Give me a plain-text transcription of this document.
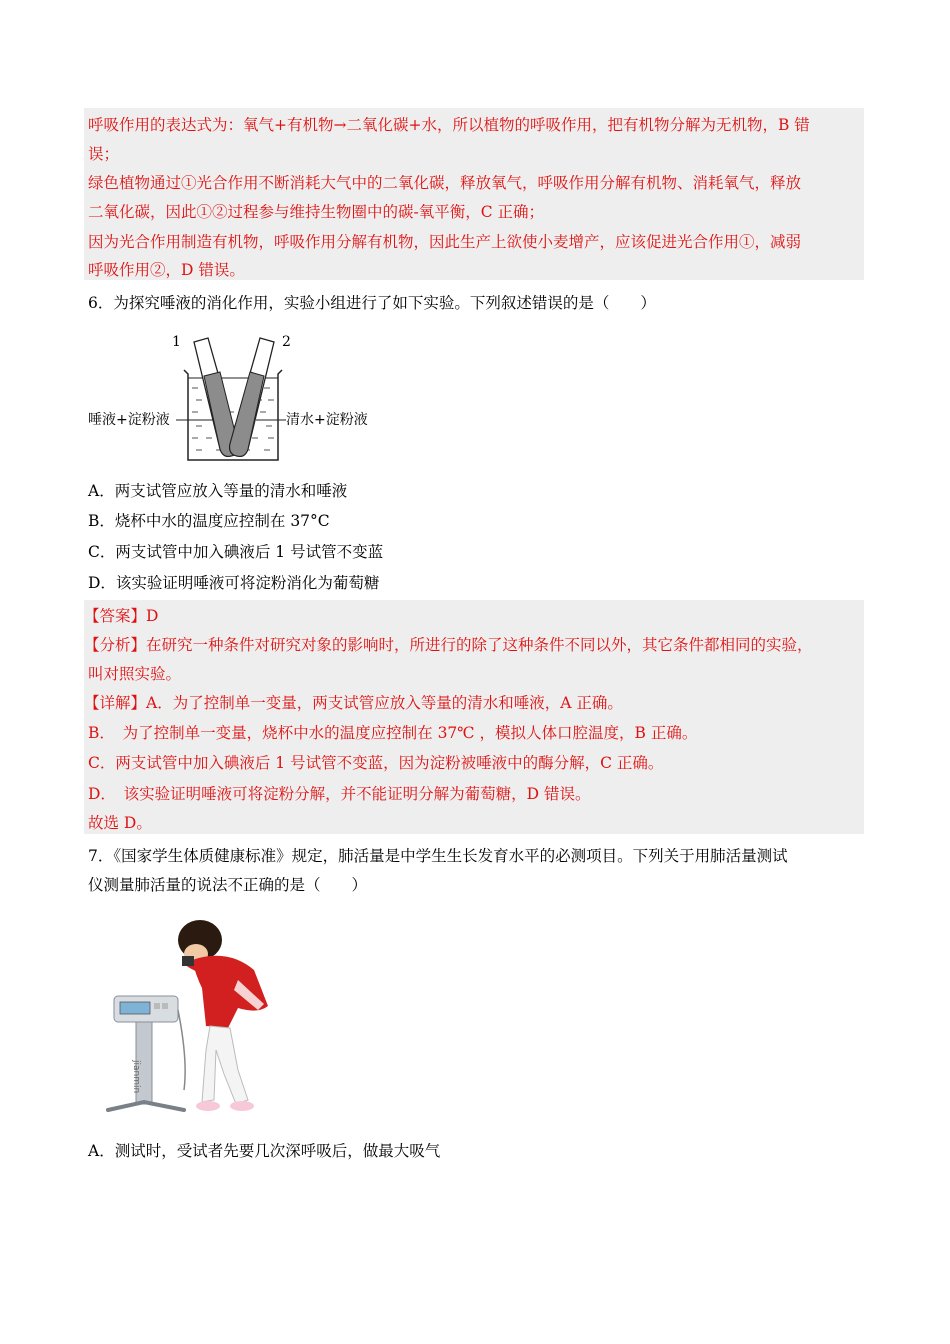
呼吸作用的表达式为：氧气+有机物→二氧化碳+水，所以植物的呼吸作用，把有机物分解为无机物，B 错
误；
绿色植物通过①光合作用不断消耗大气中的二氧化碳，释放氧气，呼吸作用分解有机物、消耗氧气，释放
二氧化碳，因此①②过程参与维持生物圈中的碳-氧平衡，C 正确；
因为光合作用制造有机物，呼吸作用分解有机物，因此生产上欲使小麦增产，应该促进光合作用①，减弱
呼吸作用②，D 错误。
6．为探究唾液的消化作用，实验小组进行了如下实验。下列叙述错误的是（　　）
1	2
唾液+淀粉液	清水+淀粉液
A．两支试管应放入等量的清水和唾液
B．烧杯中水的温度应控制在 37°C
C．两支试管中加入碘液后 1 号试管不变蓝
D．该实验证明唾液可将淀粉消化为葡萄糖
【答案】D
【分析】在研究一种条件对研究对象的影响时，所进行的除了这种条件不同以外，其它条件都相同的实验，
叫对照实验。
【详解】A．为了控制单一变量，两支试管应放入等量的清水和唾液，A 正确。
B．　为了控制单一变量，烧杯中水的温度应控制在 37℃ ，模拟人体口腔温度，B 正确。
C．两支试管中加入碘液后 1 号试管不变蓝，因为淀粉被唾液中的酶分解，C 正确。
D．　该实验证明唾液可将淀粉分解，并不能证明分解为葡萄糖，D 错误。
故选 D。
7．《国家学生体质健康标准》规定，肺活量是中学生生长发育水平的必测项目。下列关于用肺活量测试
仪测量肺活量的说法不正确的是（　　）
jianmin
A．测试时，受试者先要几次深呼吸后，做最大吸气
